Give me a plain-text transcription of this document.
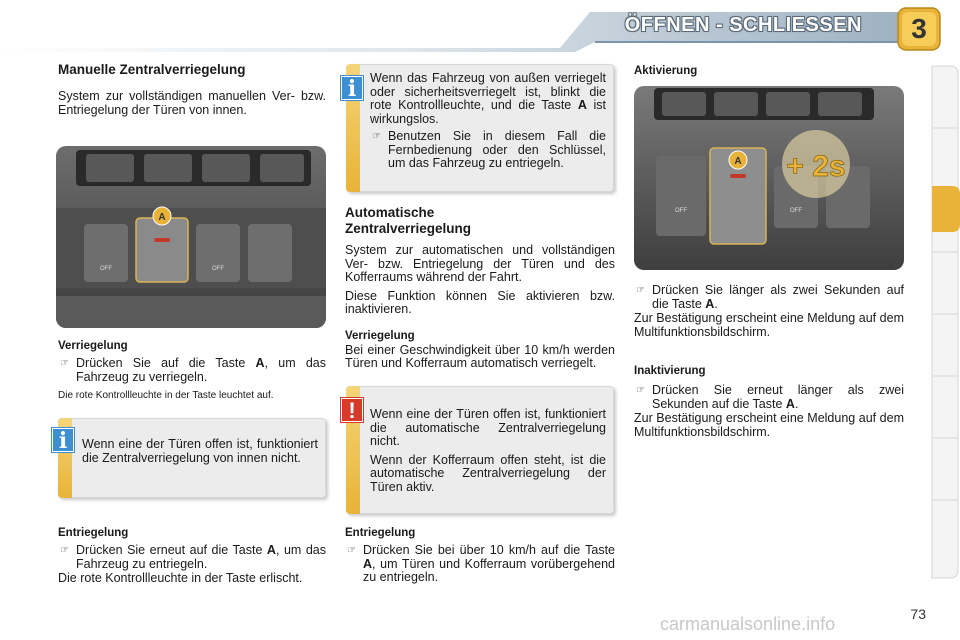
ÖFFNEN - SCHLIESSEN	3
Manuelle Zentralverriegelung

System zur vollständigen manuellen Ver- bzw. Entriegelung der Türen von innen.

A
OFF	OFF
Verriegelung
☞ Drücken Sie auf die Taste A, um das Fahrzeug zu verriegeln.
Die rote Kontrollleuchte in der Taste leuchtet auf.

Wenn eine der Türen offen ist, funktioniert die Zentralverriegelung von innen nicht.

i
Entriegelung
☞ Drücken Sie erneut auf die Taste A, um das Fahrzeug zu entriegeln.

Die rote Kontrollleuchte in der Taste erlischt.

Wenn das Fahrzeug von außen verriegelt oder sicherheitsverriegelt ist, blinkt die rote Kontrollleuchte, und die Taste A ist wirkungslos.

☞ Benutzen Sie in diesem Fall die Fernbedienung oder den Schlüssel, um das Fahrzeug zu entriegeln.
i
Automatische
Zentralverriegelung

System zur automatischen und vollständigen Ver- bzw. Entriegelung der Türen und des Kofferraums während der Fahrt.

Diese Funktion können Sie aktivieren bzw. inaktivieren.

Verriegelung

Bei einer Geschwindigkeit über 10 km/h werden Türen und Kofferraum automatisch verriegelt.

Wenn eine der Türen offen ist, funktioniert die automatische Zentralverriegelung nicht.

Wenn der Kofferraum offen steht, ist die automatische Zentralverriegelung der Türen aktiv.

!
Entriegelung
☞ Drücken Sie bei über 10 km/h auf die Taste A, um Türen und Kofferraum vorübergehend zu entriegeln.
Aktivierung
A
OFF	OFF
+ 2s
☞ Drücken Sie länger als zwei Sekunden auf die Taste A.

Zur Bestätigung erscheint eine Meldung auf dem Multifunktionsbildschirm.

Inaktivierung
☞ Drücken Sie erneut länger als zwei Sekunden auf die Taste A.

Zur Bestätigung erscheint eine Meldung auf dem Multifunktionsbildschirm.

73
carmanualsonline.info
